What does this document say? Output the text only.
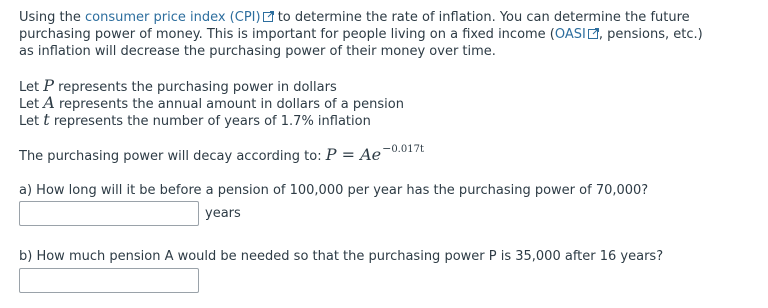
Using the consumer price index (CPI)
to determine the rate of inflation. You can determine the future
purchasing power of money. This is important for people living on a fixed income (OASI , pensions, etc.)
as inflation will decrease the purchasing power of their money over time.
Let P represents the purchasing power in dollars
Let A represents the annual amount in dollars of a pension
Let t represents the number of years of 1.7% inflation
The purchasing power will decay according to: $P = Ae^{-0.017t}$
a) How long will it be before a pension of 100,000 per year has the purchasing power of 70,000?
years
b) How much pension A would be needed so that the purchasing power P is 35,000 after 16 years?
